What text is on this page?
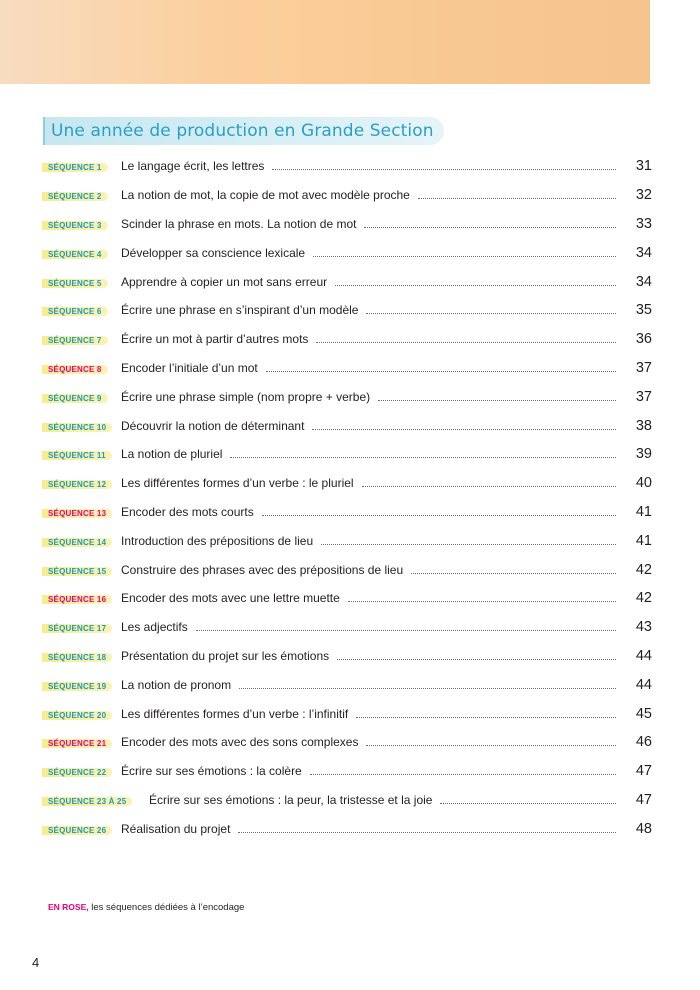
Une année de production en Grande Section
SÉQUENCE 1	Le langage écrit, les lettres	31
SÉQUENCE 2	La notion de mot, la copie de mot avec modèle proche	32
SÉQUENCE 3	Scinder la phrase en mots. La notion de mot	33
SÉQUENCE 4	Développer sa conscience lexicale	34
SÉQUENCE 5	Apprendre à copier un mot sans erreur	34
SÉQUENCE 6	Écrire une phrase en s’inspirant d’un modèle	35
SÉQUENCE 7	Écrire un mot à partir d’autres mots	36
SÉQUENCE 8	Encoder l’initiale d’un mot	37
SÉQUENCE 9	Écrire une phrase simple (nom propre + verbe)	37
SÉQUENCE 10	Découvrir la notion de déterminant	38
SÉQUENCE 11	La notion de pluriel	39
SÉQUENCE 12	Les différentes formes d’un verbe : le pluriel	40
SÉQUENCE 13	Encoder des mots courts	41
SÉQUENCE 14	Introduction des prépositions de lieu	41
SÉQUENCE 15	Construire des phrases avec des prépositions de lieu	42
SÉQUENCE 16	Encoder des mots avec une lettre muette	42
SÉQUENCE 17	Les adjectifs	43
SÉQUENCE 18	Présentation du projet sur les émotions	44
SÉQUENCE 19	La notion de pronom	44
SÉQUENCE 20	Les différentes formes d’un verbe : l’infinitif	45
SÉQUENCE 21	Encoder des mots avec des sons complexes	46
SÉQUENCE 22	Écrire sur ses émotions : la colère	47
SÉQUENCE 23 À 25	Écrire sur ses émotions : la peur, la tristesse et la joie	47
SÉQUENCE 26	Réalisation du projet	48
EN ROSE, les séquences dédiées à l’encodage
4
